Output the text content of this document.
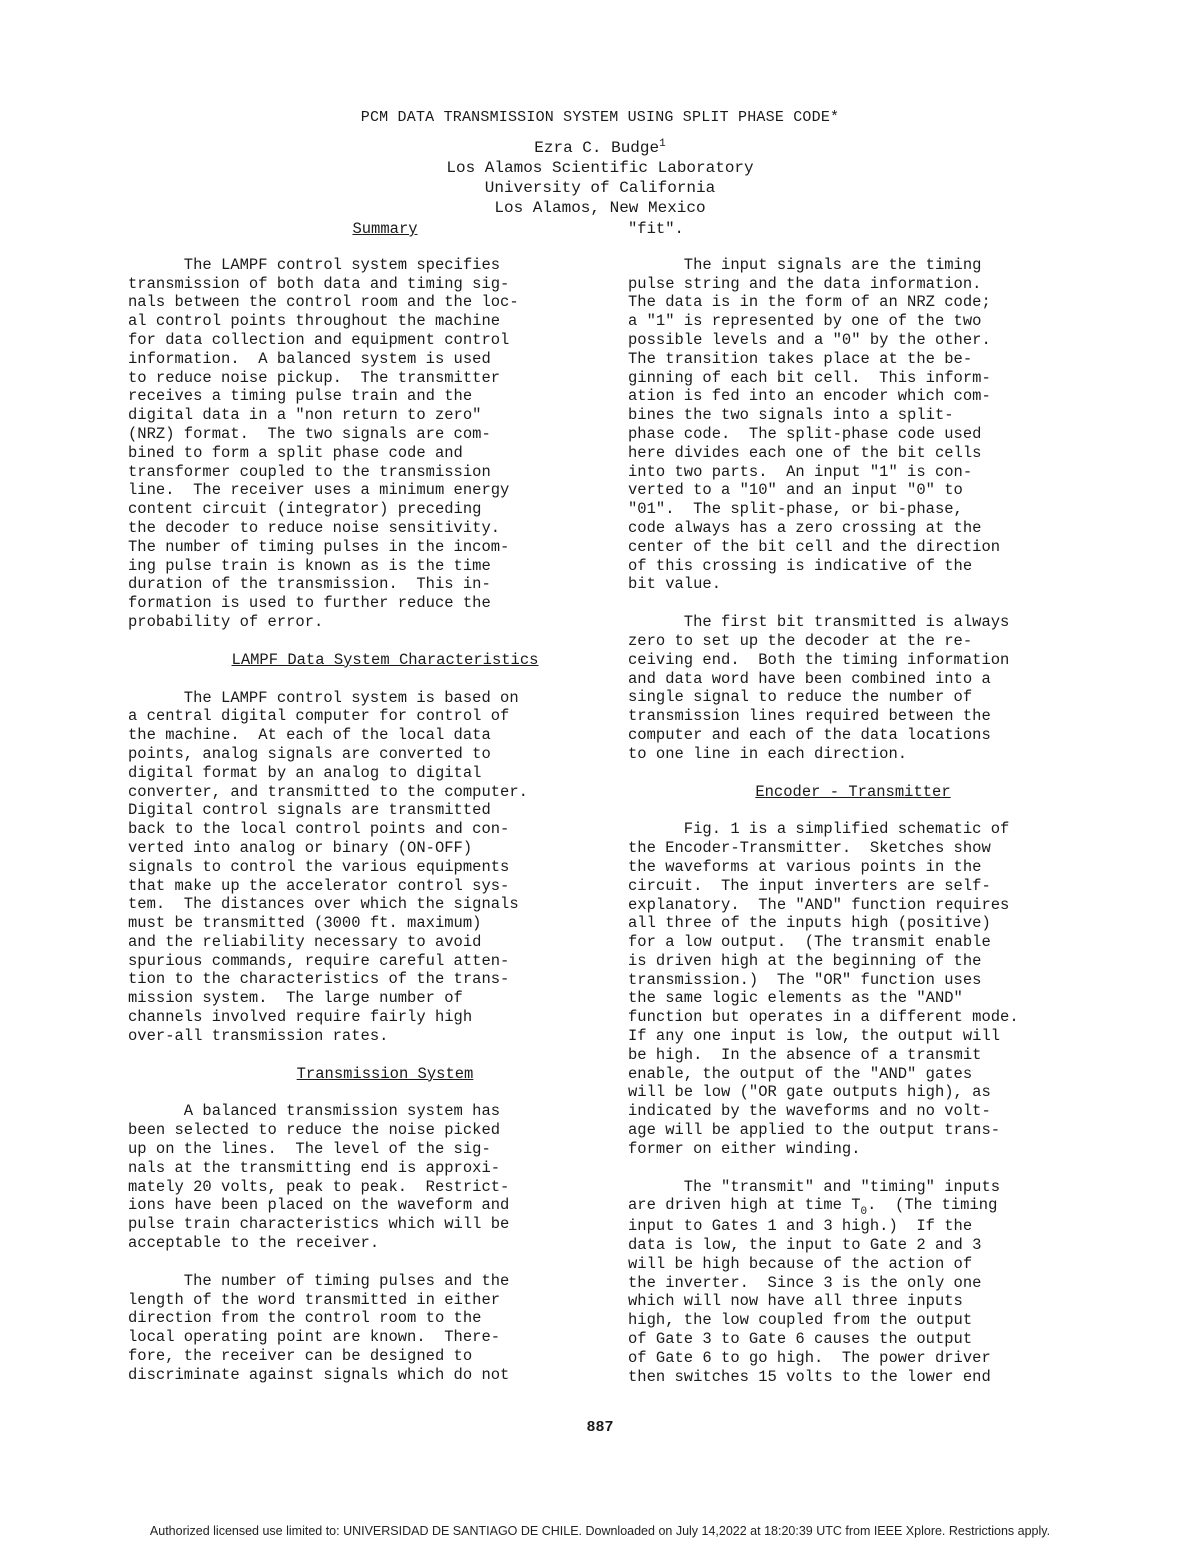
PCM DATA TRANSMISSION SYSTEM USING SPLIT PHASE CODE*
Ezra C. Budge$^1$
Los Alamos Scientific Laboratory
University of California
Los Alamos, New Mexico
Summary

The LAMPF control system specifies

transmission of both data and timing sig-

nals between the control room and the loc-

al control points throughout the machine

for data collection and equipment control

information.  A balanced system is used

to reduce noise pickup.  The transmitter

receives a timing pulse train and the

digital data in a "non return to zero"

(NRZ) format.  The two signals are com-

bined to form a split phase code and

transformer coupled to the transmission

line.  The receiver uses a minimum energy

content circuit (integrator) preceding

the decoder to reduce noise sensitivity.

The number of timing pulses in the incom-

ing pulse train is known as is the time

duration of the transmission.  This in-

formation is used to further reduce the

probability of error.

LAMPF Data System Characteristics

The LAMPF control system is based on

a central digital computer for control of

the machine.  At each of the local data

points, analog signals are converted to

digital format by an analog to digital

converter, and transmitted to the computer.

Digital control signals are transmitted

back to the local control points and con-

verted into analog or binary (ON-OFF)

signals to control the various equipments

that make up the accelerator control sys-

tem.  The distances over which the signals

must be transmitted (3000 ft. maximum)

and the reliability necessary to avoid

spurious commands, require careful atten-

tion to the characteristics of the trans-

mission system.  The large number of

channels involved require fairly high

over-all transmission rates.

Transmission System

A balanced transmission system has

been selected to reduce the noise picked

up on the lines.  The level of the sig-

nals at the transmitting end is approxi-

mately 20 volts, peak to peak.  Restrict-

ions have been placed on the waveform and

pulse train characteristics which will be

acceptable to the receiver.

The number of timing pulses and the

length of the word transmitted in either

direction from the control room to the

local operating point are known.  There-

fore, the receiver can be designed to

discriminate against signals which do not

"fit".

The input signals are the timing

pulse string and the data information.

The data is in the form of an NRZ code;

a "1" is represented by one of the two

possible levels and a "0" by the other.

The transition takes place at the be-

ginning of each bit cell.  This inform-

ation is fed into an encoder which com-

bines the two signals into a split-

phase code.  The split-phase code used

here divides each one of the bit cells

into two parts.  An input "1" is con-

verted to a "10" and an input "0" to

"01".  The split-phase, or bi-phase,

code always has a zero crossing at the

center of the bit cell and the direction

of this crossing is indicative of the

bit value.

The first bit transmitted is always

zero to set up the decoder at the re-

ceiving end.  Both the timing information

and data word have been combined into a

single signal to reduce the number of

transmission lines required between the

computer and each of the data locations

to one line in each direction.

Encoder - Transmitter

Fig. 1 is a simplified schematic of

the Encoder-Transmitter.  Sketches show

the waveforms at various points in the

circuit.  The input inverters are self-

explanatory.  The "AND" function requires

all three of the inputs high (positive)

for a low output.  (The transmit enable

is driven high at the beginning of the

transmission.)  The "OR" function uses

the same logic elements as the "AND"

function but operates in a different mode.

If any one input is low, the output will

be high.  In the absence of a transmit

enable, the output of the "AND" gates

will be low ("OR gate outputs high), as

indicated by the waveforms and no volt-

age will be applied to the output trans-

former on either winding.

The "transmit" and "timing" inputs

are driven high at time $T_0$.  (The timing

input to Gates 1 and 3 high.)  If the

data is low, the input to Gate 2 and 3

will be high because of the action of

the inverter.  Since 3 is the only one

which will now have all three inputs

high, the low coupled from the output

of Gate 3 to Gate 6 causes the output

of Gate 6 to go high.  The power driver

then switches 15 volts to the lower end

887
Authorized licensed use limited to: UNIVERSIDAD DE SANTIAGO DE CHILE. Downloaded on July 14,2022 at 18:20:39 UTC from IEEE Xplore. Restrictions apply.
